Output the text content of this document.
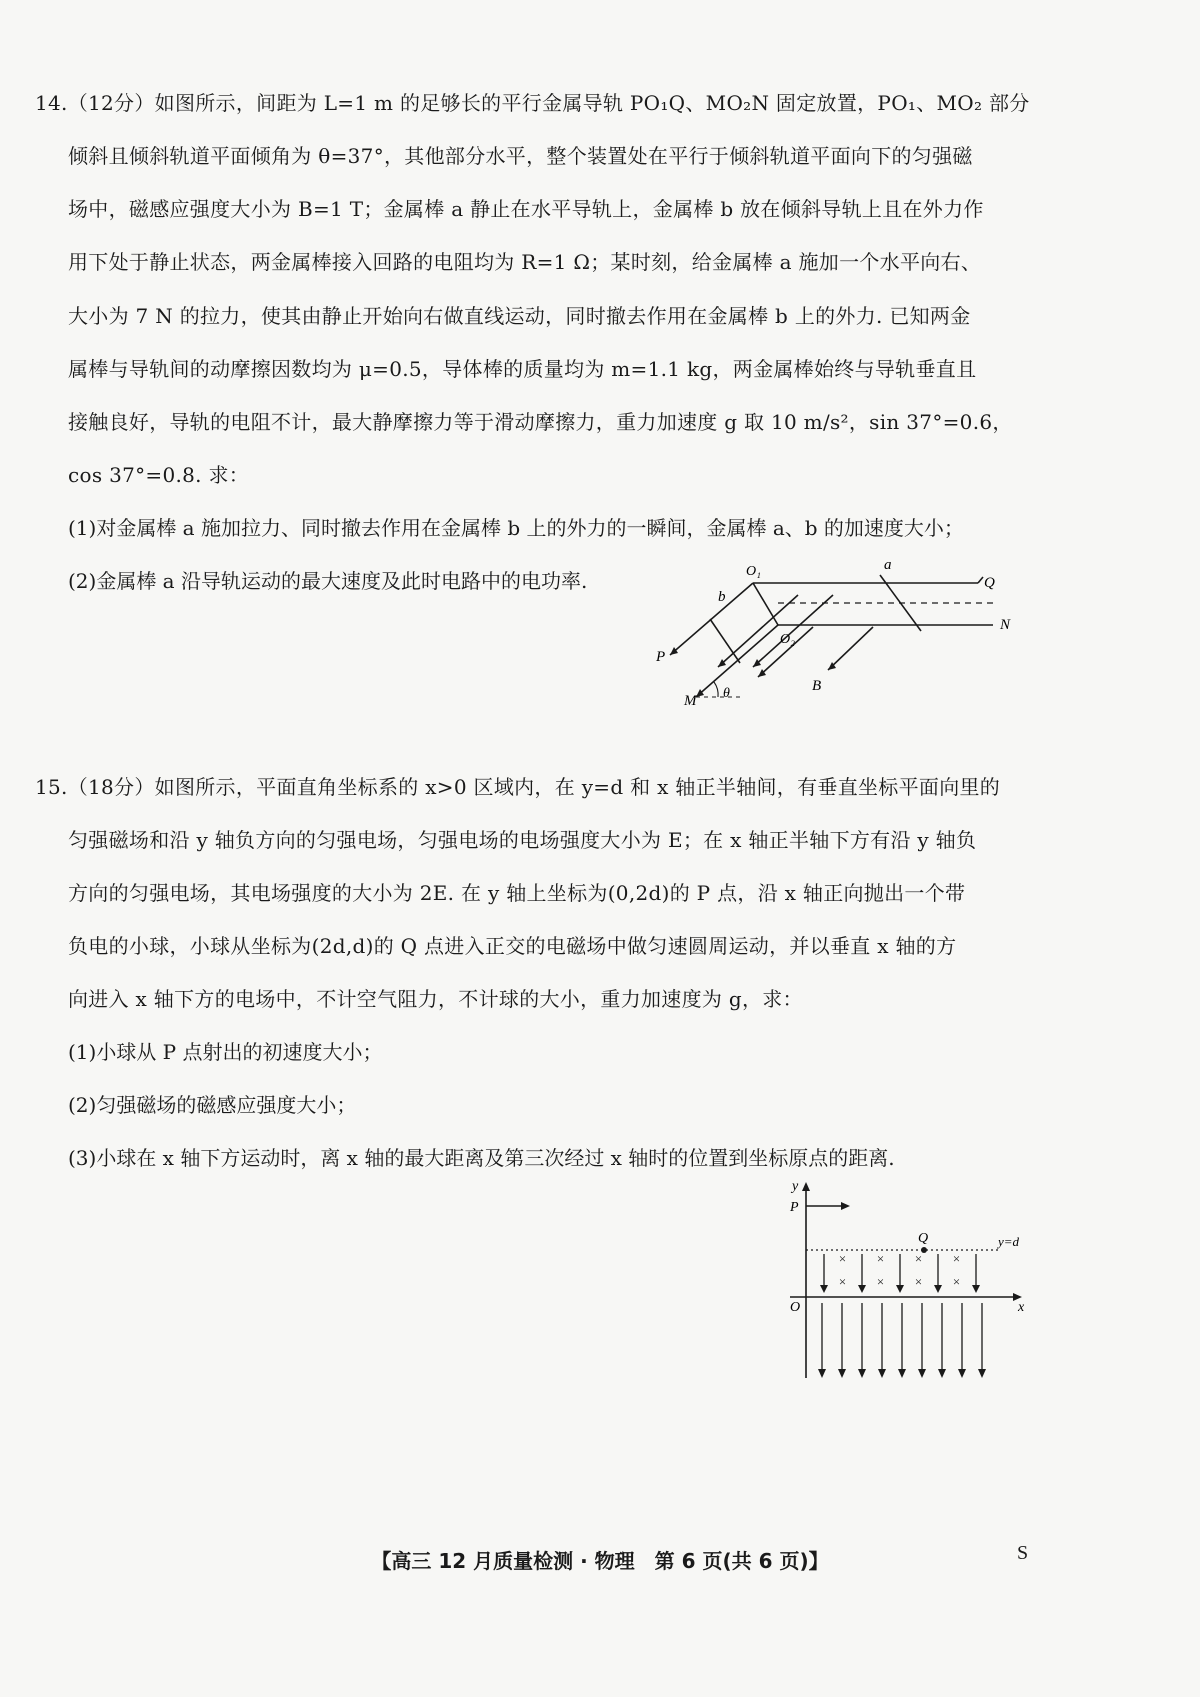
14.（12分）如图所示，间距为 L=1 m 的足够长的平行金属导轨 PO₁Q、MO₂N 固定放置，PO₁、MO₂ 部分
倾斜且倾斜轨道平面倾角为 θ=37°，其他部分水平，整个装置处在平行于倾斜轨道平面向下的匀强磁
场中，磁感应强度大小为 B=1 T；金属棒 a 静止在水平导轨上，金属棒 b 放在倾斜导轨上且在外力作
用下处于静止状态，两金属棒接入回路的电阻均为 R=1 Ω；某时刻，给金属棒 a 施加一个水平向右、
大小为 7 N 的拉力，使其由静止开始向右做直线运动，同时撤去作用在金属棒 b 上的外力. 已知两金
属棒与导轨间的动摩擦因数均为 μ=0.5，导体棒的质量均为 m=1.1 kg，两金属棒始终与导轨垂直且
接触良好，导轨的电阻不计，最大静摩擦力等于滑动摩擦力，重力加速度 g 取 10 m/s²，sin 37°=0.6，
cos 37°=0.8. 求：
(1)对金属棒 a 施加拉力、同时撤去作用在金属棒 b 上的外力的一瞬间，金属棒 a、b 的加速度大小；
(2)金属棒 a 沿导轨运动的最大速度及此时电路中的电功率.	O₁
O₂
a
b
Q
N
P
M θ	B
15.（18分）如图所示，平面直角坐标系的 x>0 区域内，在 y=d 和 x 轴正半轴间，有垂直坐标平面向里的
匀强磁场和沿 y 轴负方向的匀强电场，匀强电场的电场强度大小为 E；在 x 轴正半轴下方有沿 y 轴负
方向的匀强电场，其电场强度的大小为 2E. 在 y 轴上坐标为(0,2d)的 P 点，沿 x 轴正向抛出一个带
负电的小球，小球从坐标为(2d,d)的 Q 点进入正交的电磁场中做匀速圆周运动，并以垂直 x 轴的方
向进入 x 轴下方的电场中，不计空气阻力，不计球的大小，重力加速度为 g，求：
(1)小球从 P 点射出的初速度大小；
(2)匀强磁场的磁感应强度大小；
(3)小球在 x 轴下方运动时，离 x 轴的最大距离及第三次经过 x 轴时的位置到坐标原点的距离.
× × × ×
× × × ×
y
P
Q	y=d
O	x
【高三 12 月质量检测 · 物理　第 6 页(共 6 页)】	S
